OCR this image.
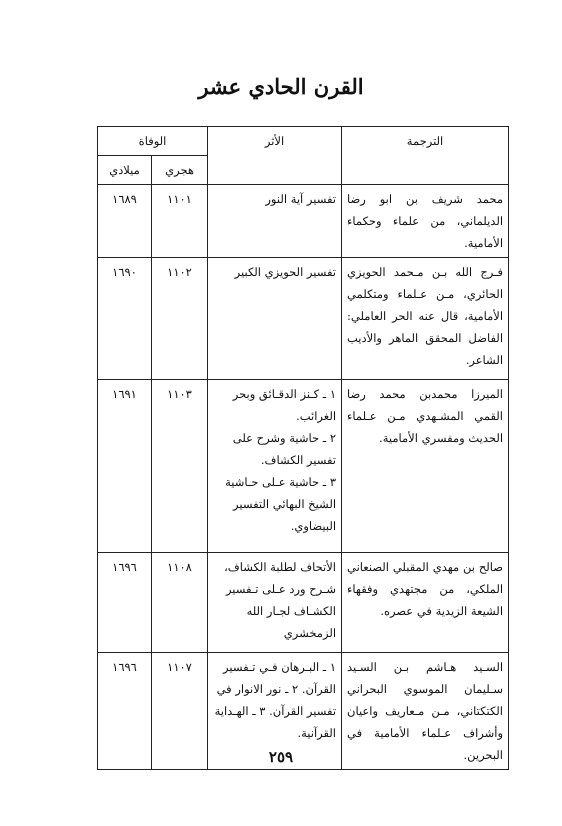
القرن الحادي عشر
الترجمة	الأثر	الوفاة	
		هجري	ميلادي
محمد شريف بن ابو رضا الديلماني، من علماء وحكماء الأمامية.	تفسير آية النور	١١٠١	١٦٨٩
فـرج الله بـن مـحمد الحويزي الحائري، مـن عـلماء ومتكلمي الأمامية، قال عنه الحر العاملي: الفاضل المحقق الماهر والأديب الشاعر.	تفسير الحويزي الكبير	١١٠٢	١٦٩٠
الميرزا محمدبن محمد رضا القمي المشـهدي مـن عـلماء الحديث ومفسري الأمامية.	١ ـ كـنز الدقـائق وبحر الغرائب.
٢ ـ حاشية وشرح على تفسير الكشاف.
٣ ـ حاشية عـلى حـاشية الشيخ البهائي التفسير البيضاوي.	١١٠٣	١٦٩١
صالح بن مهدي المقبلي الصنعاني الملكي، من مجتهدي وفقهاء الشيعة الزيدية في عصره.	الأتحاف لطلبة الكشاف، شـرح ورد عـلى تـفسير الكشـاف لجـار الله الزمخشري	١١٠٨	١٦٩٦
السـيد هـاشم بـن السـيد سـليمان الموسوي البحراني الكتكتاني، مـن مـعاريف واعيان وأشراف عـلماء الأمامية في البحرين.	١ ـ البـرهان فـي تـفسير القرآن. ٢ ـ نور الانوار في تفسير القرآن. ٣ ـ الهـداية القرآنية.	١١٠٧	١٦٩٦
٢٥٩
